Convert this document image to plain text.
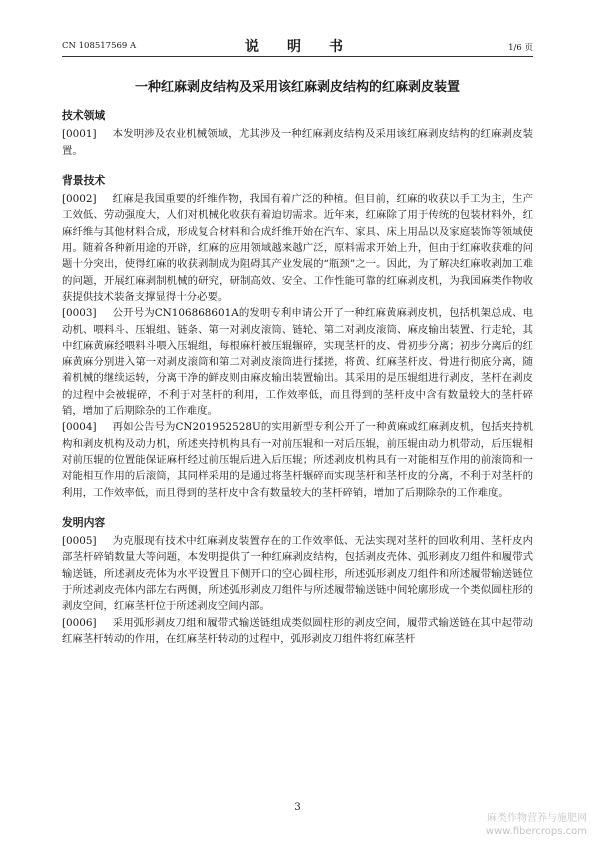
CN 108517569 A	说　明　书	1/6 页
一种红麻剥皮结构及采用该红麻剥皮结构的红麻剥皮装置

技术领域

[0001] 本发明涉及农业机械领域，尤其涉及一种红麻剥皮结构及采用该红麻剥皮结构的红麻剥皮装置。

背景技术

[0002] 红麻是我国重要的纤维作物，我国有着广泛的种植。但目前，红麻的收获以手工为主，生产工效低、劳动强度大，人们对机械化收获有着迫切需求。近年来，红麻除了用于传统的包装材料外，红麻纤维与其他材料合成，形成复合材料和合成纤维开始在汽车、家具、床上用品以及家庭装饰等领域使用。随着各种新用途的开辟，红麻的应用领域越来越广泛，原料需求开始上升，但由于红麻收获难的问题十分突出，使得红麻的收获剥制成为阻碍其产业发展的“瓶颈”之一。因此，为了解决红麻收剥加工难的问题，开展红麻剥制机械的研究，研制高效、安全、工作性能可靠的红麻剥皮机，为我国麻类作物收获提供技术装备支撑显得十分必要。

[0003] 公开号为CN106868601A的发明专利申请公开了一种红麻黄麻剥皮机，包括机架总成、电动机、喂料斗、压辊组、链条、第一对剥皮滚筒、链轮、第二对剥皮滚筒、麻皮输出装置、行走轮，其中红麻黄麻经喂料斗喂入压辊组，每根麻杆被压辊辗碎，实现茎杆的皮、骨初步分离；初步分离后的红麻黄麻分别进入第一对剥皮滚筒和第二对剥皮滚筒进行揉搓，将黄、红麻茎杆皮、骨进行彻底分离，随着机械的继续运转，分离干净的鲜皮则由麻皮输出装置输出。其采用的是压辊组进行剥皮，茎杆在剥皮的过程中会被辊碎，不利于对茎杆的利用，工作效率低，而且得到的茎杆皮中含有数量较大的茎杆碎销，增加了后期除杂的工作难度。

[0004] 再如公告号为CN201952528U的实用新型专利公开了一种黄麻或红麻剥皮机，包括夹持机构和剥皮机构及动力机，所述夹持机构具有一对前压辊和一对后压辊，前压辊由动力机带动，后压辊相对前压辊的位置能保证麻杆经过前压辊后进入后压辊；所述剥皮机构具有一对能相互作用的前滚筒和一对能相互作用的后滚筒，其同样采用的是通过将茎杆辗碎而实现茎杆和茎杆皮的分离，不利于对茎杆的利用，工作效率低，而且得到的茎杆皮中含有数量较大的茎杆碎销，增加了后期除杂的工作难度。

发明内容

[0005] 为克服现有技术中红麻剥皮装置存在的工作效率低、无法实现对茎杆的回收利用、茎杆皮内部茎杆碎销数量大等问题，本发明提供了一种红麻剥皮结构，包括剥皮壳体、弧形剥皮刀组件和履带式输送链，所述剥皮壳体为水平设置且下侧开口的空心圆柱形，所述弧形剥皮刀组件和所述履带输送链位于所述剥皮壳体内部左右两侧，所述弧形剥皮刀组件与所述履带输送链中间轮廓形成一个类似圆柱形的剥皮空间，红麻茎杆位于所述剥皮空间内部。

[0006] 采用弧形剥皮刀组和履带式输送链组成类似圆柱形的剥皮空间，履带式输送链在其中起带动红麻茎杆转动的作用，在红麻茎杆转动的过程中，弧形剥皮刀组件将红麻茎杆

3
麻类作物营养与施肥网
www.fibercrops.com
